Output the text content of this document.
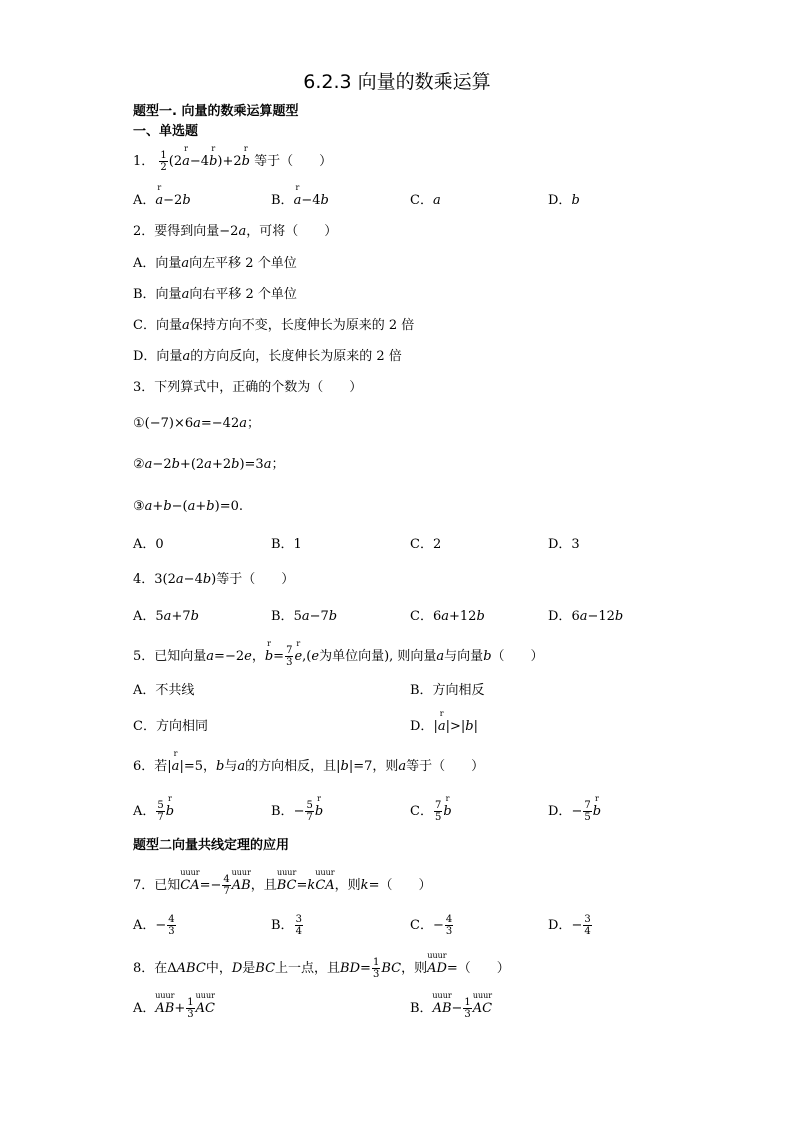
6.2.3 向量的数乘运算
题型一. 向量的数乘运算题型
一、单选题
1． $\frac{1}{2} (2a$
r
−4b
r
)+2b
r
等于（　　）
A．a
r
−2b	B．a
r
−4b	C．a	D．b
2．要得到向量−2a，可将（　　）
A．向量a向左平移 2 个单位
B．向量a向右平移 2 个单位
C．向量a保持方向不变，长度伸长为原来的 2 倍
D．向量a的方向反向，长度伸长为原来的 2 倍
3．下列算式中，正确的个数为（　　）
①(−7)×6a=−42a；
②a−2b+(2a+2b)=3a；
③a+b−(a+b)=0.
A．0	B．1	C．2	D．3
4．3(2a−4b)等于（　　）
A．5a+7b	B．5a−7b	C．6a+12b	D．6a−12b
5．已知向量a=−2e，b
r
= $\frac{7}{3}$ e
r
,(e为单位向量), 则向量a与向量b（　　）
A．不共线	B．方向相反
C．方向相同	D．|a
r
|>|b|
6．若|a
r
|=5，b与a的方向相反，且|b|=7，则a等于（　　）
A． $\frac{5}{7}$ b
r
B．− $\frac{5}{7}$ b
r
C． $\frac{7}{5}$ b
r
D．− $\frac{7}{5}$ b
r
题型二向量共线定理的应用
7．已知CA
uuur
=− $\frac{4}{7}$ AB
uuur
，且BC
uuur
=kCA
uuur
，则k=（　　）
A．− $\frac{4}{3}$	B． $\frac{3}{4}$	C．− $\frac{4}{3}$	D．− $\frac{3}{4}$
8．在ΔABC中，D是BC上一点，且$BD= \frac{1}{3}$ BC，则AD
uuur
=（　　）
A．AB
uuur
+ $\frac{1}{3}$ AC
uuur
B．AB
uuur
− $\frac{1}{3}$ AC
uuur
